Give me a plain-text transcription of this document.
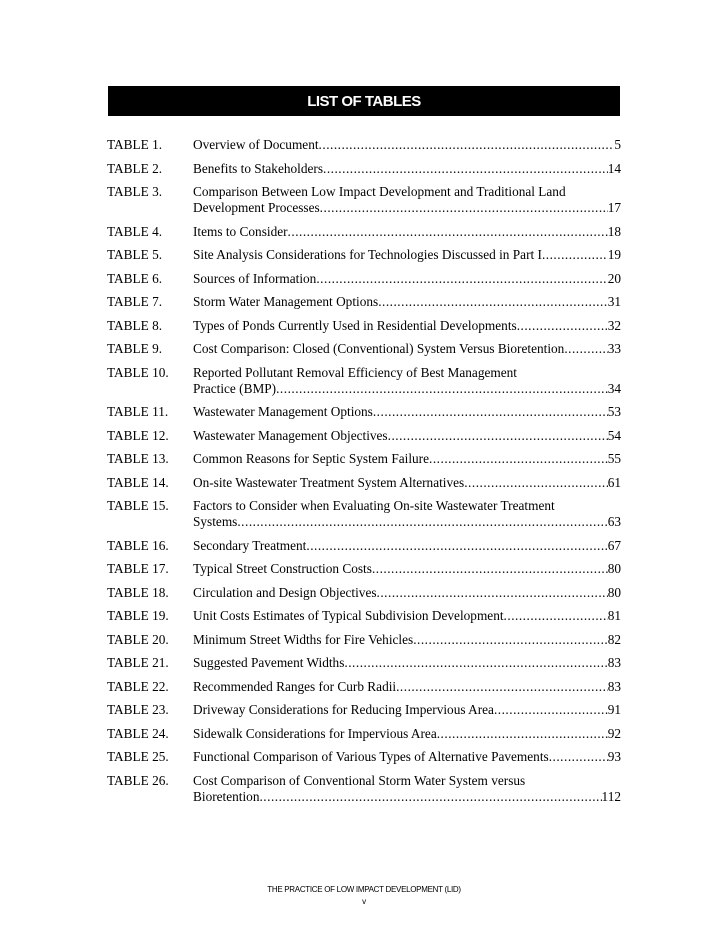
LIST OF TABLES
TABLE 1.	Overview of Document .....	5
TABLE 2.	Benefits to Stakeholders .....	14
TABLE 3.	Comparison Between Low Impact Development and Traditional Land
Development Processes .....	17
TABLE 4.	Items to Consider .....	18
TABLE 5.	Site Analysis Considerations for Technologies Discussed in Part I .....	19
TABLE 6.	Sources of Information .....	20
TABLE 7.	Storm Water Management Options .....	31
TABLE 8.	Types of Ponds Currently Used in Residential Developments .....	32
TABLE 9.	Cost Comparison: Closed (Conventional) System Versus Bioretention .....	33
TABLE 10.	Reported Pollutant Removal Efficiency of Best Management
Practice (BMP) .....	34
TABLE 11.	Wastewater Management Options .....	53
TABLE 12.	Wastewater Management Objectives .....	54
TABLE 13.	Common Reasons for Septic System Failure .....	55
TABLE 14.	On-site Wastewater Treatment System Alternatives .....	61
TABLE 15.	Factors to Consider when Evaluating On-site Wastewater Treatment
Systems .....	63
TABLE 16.	Secondary Treatment .....	67
TABLE 17.	Typical Street Construction Costs .....	80
TABLE 18.	Circulation and Design Objectives .....	80
TABLE 19.	Unit Costs Estimates of Typical Subdivision Development .....	81
TABLE 20.	Minimum Street Widths for Fire Vehicles .....	82
TABLE 21.	Suggested Pavement Widths .....	83
TABLE 22.	Recommended Ranges for Curb Radii .....	83
TABLE 23.	Driveway Considerations for Reducing Impervious Area .....	91
TABLE 24.	Sidewalk Considerations for Impervious Area .....	92
TABLE 25.	Functional Comparison of Various Types of Alternative Pavements .....	93
TABLE 26.	Cost Comparison of Conventional Storm Water System versus
Bioretention .....	112
THE PRACTICE OF LOW IMPACT DEVELOPMENT (LID)
v
